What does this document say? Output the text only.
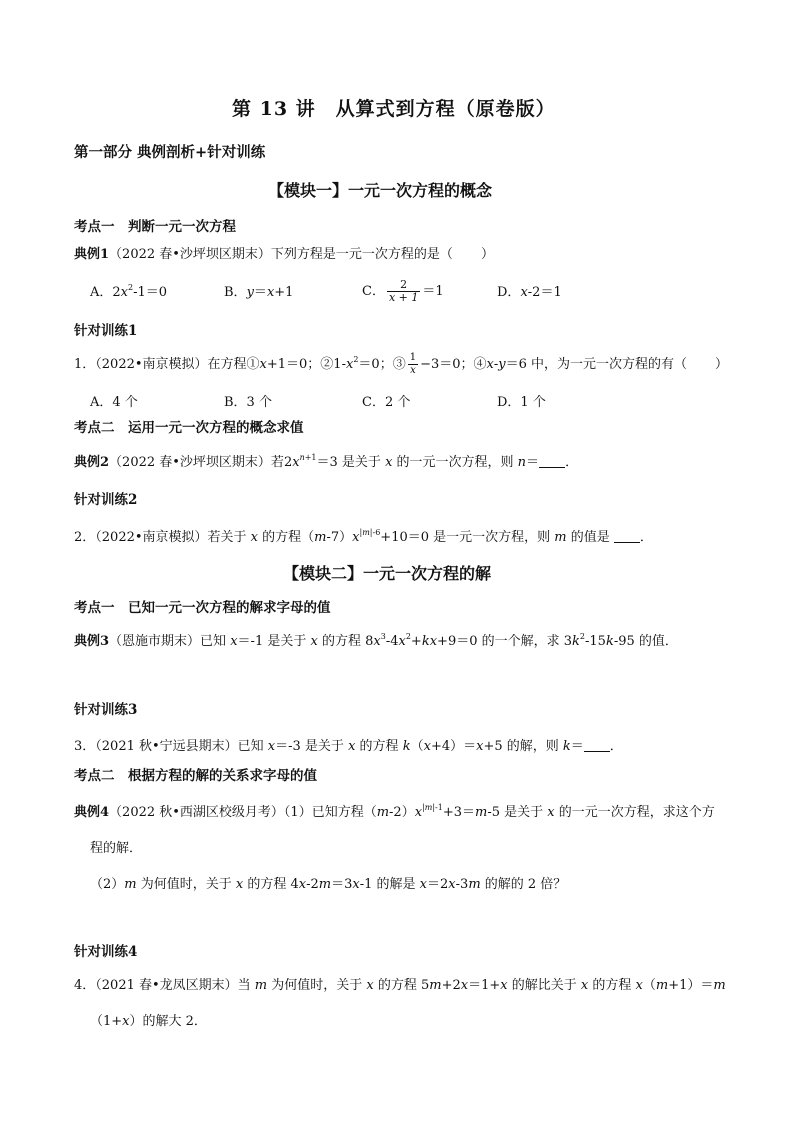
第 13 讲　从算式到方程（原卷版）
第一部分 典例剖析+针对训练
【模块一】一元一次方程的概念
考点一　判断一元一次方程
典例1（2022 春•沙坪坝区期末）下列方程是一元一次方程的是（ ）
A．$2x^2-1=0$	B．y＝x+1	C． $\frac{2}{x + 1} =1$	D．x-2＝1
针对训练1
1．（2022•南京模拟）在方程①x+1＝0；$②1-x^2=0$；③ $\frac{1}{x} -3=0$；④x-y＝6 中，为一元一次方程的有（ ）
A．4 个	B．3 个	C．2 个	D．1 个
考点二　运用一元一次方程的概念求值
典例2（2022 春•沙坪坝区期末）若$2x^{n+1}=3$ 是关于 x 的一元一次方程，则 n＝ ．
针对训练2
2．（2022•南京模拟）若关于 x 的方程$(m-7)x^{|m|-6}+10=0$ 是一元一次方程，则 m 的值是 ．
【模块二】一元一次方程的解
考点一　已知一元一次方程的解求字母的值
典例3（恩施市期末）已知 x＝-1 是关于 x 的方程 $8x^3-4x^2+kx+9=0$ 的一个解，求 $3k^2-15k-95$ 的值．
针对训练3
3．（2021 秋•宁远县期末）已知 x＝-3 是关于 x 的方程 k（x+4）＝x+5 的解，则 k＝ ．
考点二　根据方程的解的关系求字母的值
典例4（2022 秋•西湖区校级月考）（1）已知方程$(m-2)x^{|m|-1}+3=m-5$ 是关于 x 的一元一次方程，求这个方
程的解．
（2）m 为何值时，关于 x 的方程 4x-2m＝3x-1 的解是 x＝2x-3m 的解的 2 倍？
针对训练4
4．（2021 春•龙凤区期末）当 m 为何值时，关于 x 的方程 5m+2x＝1+x 的解比关于 x 的方程 x（m+1）＝m
（1+x）的解大 2．
